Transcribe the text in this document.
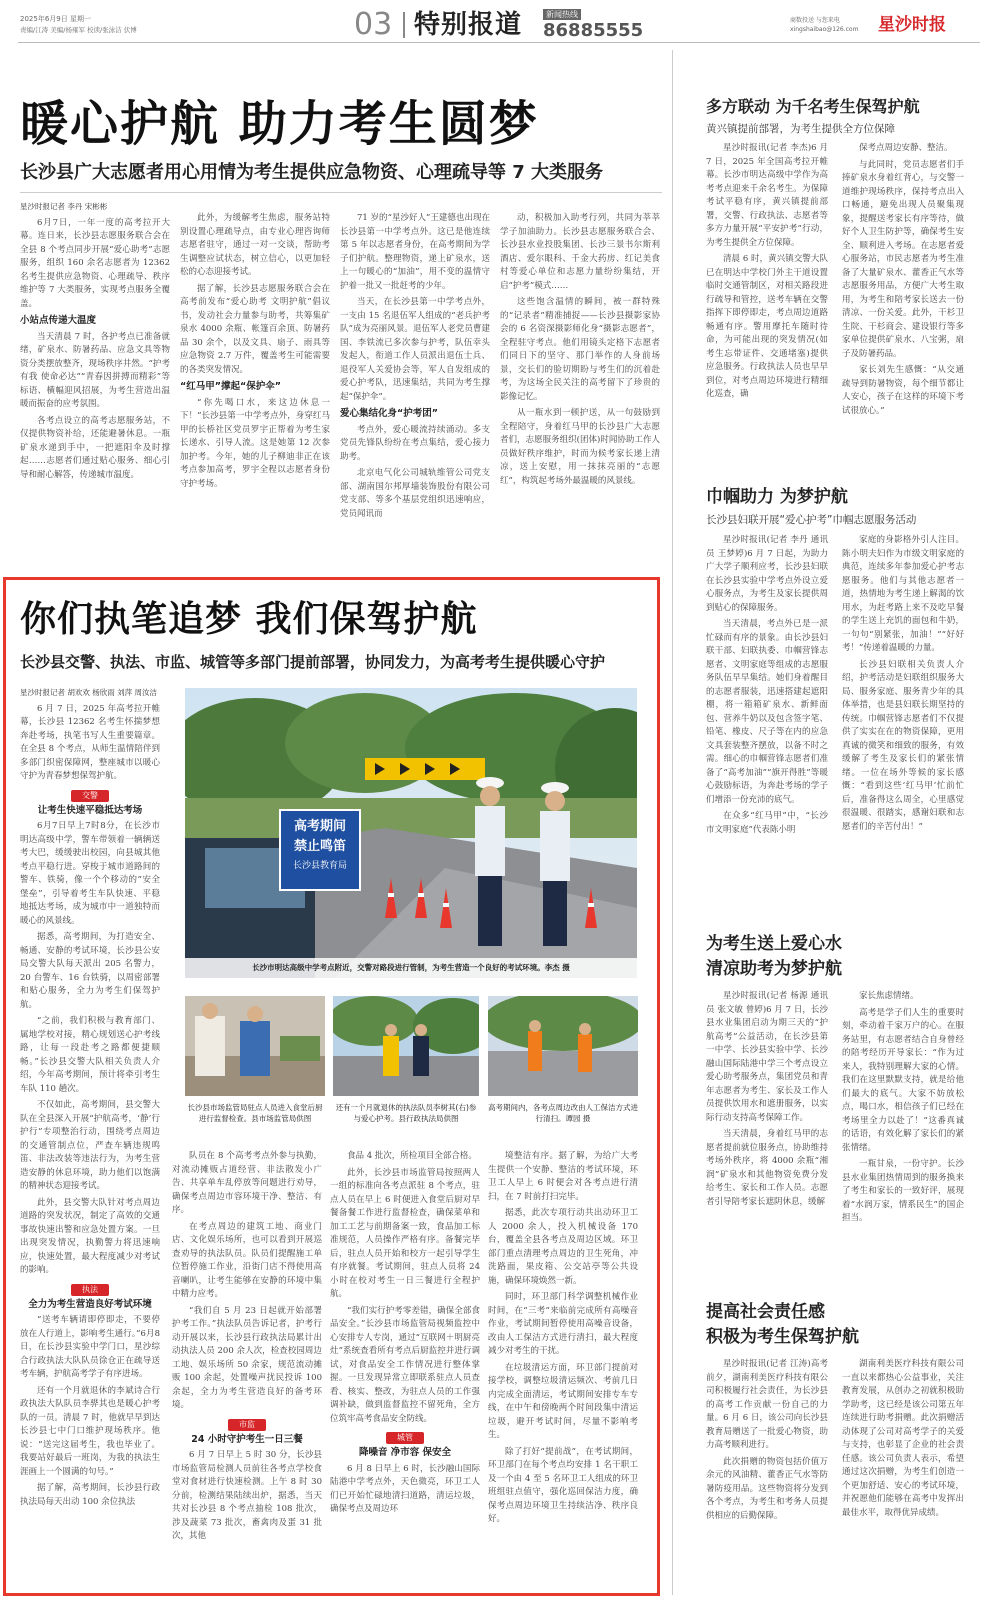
2025年6月9日 星期一
责编/江涛 美编/杨雍军 校读/张泳洁 伏博	03 特别报道	新闻热线
86885555	商数投送 与您来电 xingshaibao@126.com	星沙时报
暖心护航 助力考生圆梦
长沙县广大志愿者用心用情为考生提供应急物资、心理疏导等 7 大类服务
星沙时报记者 李丹 宋彬彬

6月7日，一年一度的高考拉开大幕。连日来，长沙县志愿服务联合会在全县 8 个考点同步开展“爱心助考”志愿服务，组织 160 余名志愿者为 12362 名考生提供应急物资、心理疏导、秩序维护等 7 大类服务，实现考点服务全覆盖。

小站点传递大温度

当天清晨 7 时，各护考点已准备就绪，矿泉水、防暑药品、应急文具等物资分类摆放整齐，现场秩序井然。“护考有我 使命必达”“青春因拼搏而精彩”等标语、横幅迎风招展，为考生营造出温暖而振奋的应考氛围。

各考点设立的高考志愿服务站，不仅提供物资补给，还能避暑休息。一瓶矿泉水递到手中，一把遮阳伞及时撑起……志愿者们通过贴心服务、细心引导和耐心解答，传递城市温度。

此外，为缓解考生焦虑，服务站特别设置心理疏导点，由专业心理咨询师志愿者驻守，通过一对一交谈，帮助考生调整应试状态，树立信心，以更加轻松的心态迎接考试。

据了解，长沙县志愿服务联合会在高考前发布“爱心助考 文明护航”倡议书，发动社会力量参与助考，共筹集矿泉水 4000 余瓶、帐篷百余顶、防暑药品 30 余个，以及文具、扇子、雨具等应急物资 2.7 万件，覆盖考生可能需要的各类突发情况。

“红马甲”撑起“保护伞”

“你先喝口水，来这边休息一下！”长沙县第一中学考点外，身穿红马甲的长桥社区党员罗宇正帮着为考生家长递水、引导人流。这是她第 12 次参加护考。今年，她的儿子柳迪非正在该考点参加高考，罗宇全程以志愿者身份守护考场。

71 岁的“星沙好人”王建德也出现在长沙县第一中学考点外。这已是他连续第 5 年以志愿者身份，在高考期间为学子们护航。整理物资，递上矿泉水，送上一句暖心的“加油”，用不变的温情守护着一批又一批赶考的少年。

当天，在长沙县第一中学考点外，一支由 15 名退伍军人组成的“老兵护考队”成为亮丽风景。退伍军人老党员曹建国、李铁流已多次参与护考，队伍幸头发起人，衔道工作人员派出退伍士兵、退役军人关爱协会等，军人自发组成的爱心护考队，迅速集结，共同为考生撑起“保护伞”。

爱心集结化身“护考团”

考点外，爱心暖流持续涌动。多支党员先锋队纷纷在考点集结，爱心接力助考。

北京电气化公司城轨维管公司党支部、湖南国尔邦厚墙装饰股份有限公司党支部、等多个基层党组织迅速响应，党员闻讯而

动，积极加入助考行列，共同为莘莘学子加油助力。长沙县志愿服务联合会、长沙县水业投股集团、长沙三景书尔斯利酒店、爱尔眼科、千金大药房、红记美食村等爱心单位和志愿力量纷纷集结，开启“护考”模式……

这些饱含温情的瞬间，被一群特殊的“记录者”精准捕捉——长沙县摄影家协会的 6 名资深摄影师化身“摄影志愿者”，全程驻守考点。他们用镜头定格下志愿者们同日下的坚守、那门举作的人身前场景，交长们的脸切期盼与考生们的沉着赴考，为这场全民关注的高考留下了珍贵的影像记忆。

从一瓶水到一顿护送，从一句鼓励到全程陪守，身着红马甲的长沙县广大志愿者们，志愿服务组织(团体)时闻协助工作人员做好秩序维护，时而为候考家长递上清凉，送上安慰，用一抹抹亮丽的“志愿红”，构筑起考场外最温暖的风景线。

你们执笔追梦 我们保驾护航
长沙县交警、执法、市监、城管等多部门提前部署，协同发力，为高考考生提供暖心守护
星沙时报记者 胡欢欢 杨欣雨 刘萍 周汝洁

6 月 7 日，2025 年高考拉开帷幕，长沙县 12362 名考生怀揣梦想奔赴考场，执笔书写人生重要篇章。在全县 8 个考点，从师生温情陪伴到多部门织密保障网，整座城市以暖心守护为青春梦想保驾护航。

交警

让考生快速平稳抵达考场

6月7日早上7时8分，在长沙市明达高级中学，警车带领着一辆辆送考大巴，缓缓驶出校园，向县城其他考点平稳行进。穿梭于城市道路间的警车、铁骑，像一个个移动的“安全堡垒”，引导着考生车队快速、平稳地抵达考场，成为城市中一道独特而暖心的风景线。

据悉，高考期间，为打造安全、畅通、安静的考试环境，长沙县公安局交警大队每天派出 205 名警力，20 台警车、16 台铁骑，以周密部署和贴心服务，全力为考生们保驾护航。

“之前，我们积极与教育部门、属地学校对接，精心规划送心护考线路，让每一段赴考之路都便捷顺畅。”长沙县交警大队相关负责人介绍，今年高考期间，预计将牵引考生车队 110 趟次。

不仅如此，高考期间，县交警大队在全县深入开展“护航高考，‘静’行护行”专项整治行动，围绕考点周边的交通管制点位，严查车辆违规鸣笛、非法改装等违法行为，为考生营造安静的休息环境，助力他们以饱满的精神状态迎接考试。

此外，县交警大队针对考点周边道路的突发状况，制定了高效的交通事故快速出警和应急处置方案。一旦出现突发情况，执勤警力将迅速响应，快速处置，最大程度减少对考试的影响。

执法

全力为考生营造良好考试环境

“送考车辆请即停即走，不要停放在人行道上，影响考生通行。”6月8日，在长沙县实验中学门口，星沙综合行政执法大队队员徐仓正在疏导送考车辆，护航高考学子有序进场。

还有一个月就退休的李斌诗合行政执法大队队员李骅其也是暖心护考队的一员。清晨 7 时，他就早早到达长沙县七中门口维护现场秩序。他说：“送完这届考生，我也毕业了。我要站好最后一班岗，为我的执法生涯画上一个圆满的句号。”

据了解，高考期间，长沙县行政执法局每天出动 100 余位执法

高考期间
禁止鸣笛
长沙县教育局
长沙市明达高级中学考点附近，交警对路段进行管制，为考生营造一个良好的考试环境。李杰 摄
长沙县市场监管局驻点人员进入食堂后厨进行监督检查。县市场监管局供图
还有一个月就退休的执法队员李树其(右)参与爱心护考。县行政执法局供图
高考期间内，各考点周边改由人工保洁方式进行清扫。谭园 摄

队员在 8 个高考考点外参与执勤，对流动摊贩占道经营、非法散发小广告、共享单车乱停放等问题进行劝导，确保考点周边市容环境干净、整洁、有序。

在考点周边的建筑工地、商业门店、文化娱乐场所，也可以看到开展巡查劝导的执法队员。队员们提醒施工单位暂停施工作业，沿街门店不得使用高音喇叭，让考生能够在安静的环境中集中精力应考。

“我们自 5 月 23 日起就开始部署护考工作。”执法队员告诉记者，护考行动开展以来，长沙县行政执法局累计出动执法人员 200 余人次，检查校园周边工地、娱乐场所 50 余家，规范流动摊贩 100 余起，处置噪声扰民投诉 100 余起，全力为考生营造良好的备考环境。

市监

24 小时守护考生一日三餐

6 月 7 日早上 5 时 30 分，长沙县市场监管局检测人员前往各考点学校食堂对食材进行快速检测。上午 8 时 30 分前，检测结果陆续出炉，据悉，当天共对长沙县 8 个考点抽检 108 批次，涉及蔬菜 73 批次，畜禽肉及蛋 31 批次，其他

食品 4 批次，所检项目全部合格。

此外，长沙县市场监管局按照两人一组的标准向各考点派驻 8 个考点，驻点人员在早上 6 时便进入食堂后厨对早餐备餐工作进行监督检查，确保菜单和加工工艺与前期备案一致，食品加工标准规范，人员操作严格有序。备餐完毕后，驻点人员开始和校方一起引导学生有序就餐。考试期间，驻点人员将 24 小时在校对考生一日三餐进行全程护航。

“我们实行护考零差错，确保全部食品安全。”长沙县市场监管局视频监控中心安排专人专岗，通过“互联网＋明厨亮灶”系统查看所有考点后厨监控并进行调试，对食品安全工作情况进行整体掌握。一旦发现异常立即联系驻点人员查看、核实、整改，为驻点人员的工作强调补缺，做到监督监控不留死角，全方位筑牢高考食品安全防线。

城管

降噪音 净市容 保安全

6 月 8 日早上 6 时，长沙融山国际陆港中学考点外，天色微亮，环卫工人们已开始忙碌地清扫道路，清运垃圾，确保考点及周边环

境整洁有序。据了解，为给广大考生提供一个安静、整洁的考试环境，环卫工人早上 6 时便会对各考点进行清扫，在 7 时前打扫完毕。

据悉，此次专项行动共出动环卫工人 2000 余人，投入机械设备 170 台，覆盖全县各考点及周边区域。环卫部门重点清理考点周边的卫生死角，冲洗路面，果皮箱、公交站亭等公共设施，确保环境焕然一新。

同时，环卫部门科学调整机械作业时间，在“三考”来临前完成所有高噪音作业，考试期间暂停使用高噪音设备，改由人工保洁方式进行清扫，最大程度减少对考生的干扰。

在垃圾清运方面，环卫部门提前对接学校，调整垃圾清运频次、考前几日内完成全面清运，考试期间安排专车专线，在中午和傍晚两个时间段集中清运垃圾，避开考试时间，尽量不影响考生。

除了打好“提前战”，在考试期间，环卫部门在每个考点均安排 1 名干职工及一个由 4 至 5 名环卫工人组成的环卫班组驻点值守，强化巡回保洁力度，确保考点周边环境卫生持续洁净、秩序良好。

多方联动 为千名考生保驾护航
黄兴镇提前部署，为考生提供全方位保障

星沙时报讯(记者 李杰)6 月 7 日，2025 年全国高考拉开帷幕。长沙市明达高级中学作为高考考点迎来千余名考生。为保障考试平稳有序，黄兴镇提前部署，交警、行政执法、志愿者等多方力量开展“平安护考”行动，为考生提供全方位保障。

清晨 6 时，黄兴镇交警大队已在明达中学校门外主干道设置临时交通管制区，对相关路段进行疏导和管控，送考车辆在交警指挥下即停即走，考点周边道路畅通有序。警用摩托车随时待命，为可能出现的突发情况(如考生忘带证件、交通堵塞)提供应急服务。行政执法人员也早早到位，对考点周边环境进行精细化巡查，确

保考点周边安静、整洁。

与此同时，党员志愿者们手捧矿泉水身着红背心，与交警一道维护现场秩序，保持考点出入口畅通，避免出现人员聚集现象，提醒送考家长有序等待，做好个人卫生防护等，确保考生安全、顺利进入考场。在志愿者爱心服务站，市民志愿者为考生准备了大量矿泉水、藿香正气水等志愿服务用品，方便广大考生取用，为考生和陪考家长送去一份清凉、一份关爱。此外，干杉卫生院、干杉商会、建设银行等多家单位提供矿泉水、八宝粥，扇子及防暑药品。

家长刘先生感慨：“从交通疏导到防暑物资，每个细节都让人安心，孩子在这样的环境下考试很放心。”

巾帼助力 为梦护航
长沙县妇联开展“爱心护考”巾帼志愿服务活动

星沙时报讯(记者 李丹 通讯员 王梦婷)6 月 7 日起，为助力广大学子顺利应考，长沙县妇联在长沙县实验中学考点外设立爱心服务点，为考生及家长提供周到贴心的保障服务。

当天清晨，考点外已是一派忙碌而有序的景象。由长沙县妇联干部、妇联执委、巾帼营锋志愿者、文明家庭等组成的志愿服务队伍早早集结。她们身着醒目的志愿者服装，迅速搭建起遮阳棚，将一箱箱矿泉水、新鲜面包、营养牛奶以及包含签字笔、铅笔、橡皮、尺子等在内的应急文具套装整齐摆放，以备不时之需。细心的巾帼营锋志愿者们准备了“高考加油”“旗开得胜”等暖心鼓励标语，为奔赴考场的学子们增添一份充沛的底气。

在众多“红马甲”中，“长沙市文明家庭”代表陈小明

家庭的身影格外引人注目。陈小明夫妇作为市级文明家庭的典范，连续多年参加爱心护考志愿服务。他们与其他志愿者一道，热情地为考生递上解渴的饮用水，为赶考路上来不及吃早餐的学生送上充饥的面包和牛奶，一句句“别紧张，加油！”“好好考！”传递着温暖的力量。

长沙县妇联相关负责人介绍，护考活动是妇联组织服务大局、服务家庭、服务青少年的具体举措，也是县妇联长期坚持的传统。巾帼营锋志愿者们不仅提供了实实在在的物资保障，更用真诚的微笑和细致的服务，有效缓解了考生及家长们的紧张情绪。一位在场外等候的家长感慨：“看到这些‘红马甲’忙前忙后，准备得这么周全，心里感觉很温暖、很踏实，感谢妇联和志愿者们的辛苦付出！”

为考生送上爱心水
清凉助考为梦护航

星沙时报讯(记者 杨源 通讯员 张文敏 曾婷)6 月 7 日，长沙县水业集团启动为期三天的“护航高考”公益活动，在长沙县第一中学、长沙县实验中学、长沙融山国际陆港中学三个考点设立爱心助考服务点，集团党员和青年志愿者为考生、家长及工作人员提供饮用水和遮册服务，以实际行动支持高考保障工作。

当天清晨，身着红马甲的志愿者提前就位服务点，协助维持考场外秩序，将 4000 余瓶“湘润”矿泉水和其他物资免费分发给考生、家长和工作人员。志愿者引导陪考家长遮阴休息，缓解

家长焦虑情绪。

高考是学子们人生的重要时刻，牵动着千家万户的心。在服务站里，有志愿者结合自身曾经的陪考经历开导家长：“作为过来人，我特别理解大家的心情。我们在这里默默支持，就是给他们最大的底气。大家不妨放松点，喝口水，相信孩子们已经在考场里全力以赴了！”这番真诚的话语，有效化解了家长们的紧张情绪。

一瓶甘泉，一份守护。长沙县水业集团热情周到的服务换来了考生和家长的一致好评，展现着“水润万家，情系民生”的国企担当。

提高社会责任感
积极为考生保驾护航

星沙时报讯(记者 江涛)高考前夕，湖南利美医疗科技有限公司积极履行社会责任，为长沙县的高考工作贡献一份自己的力量。6 月 6 日，该公司向长沙县教育局赠送了一批爱心物资，助力高考顺利进行。

此次捐赠的物资包括价值万余元的风油精、藿香正气水等防暑防疫用品。这些物资将分发到各个考点，为考生和考务人员提供相应的后勤保障。

湖南利美医疗科技有限公司一直以来都热心公益事业，关注教育发展，从创办之初就积极助学助考，这已经是该公司第五年连续进行助考捐赠。此次捐赠活动体现了公司对高考学子的关爱与支持，也彰显了企业的社会责任感。该公司负责人表示，希望通过这次捐赠，为考生们创造一个更加舒适、安心的考试环境，并祝愿他们能够在高考中发挥出最佳水平，取得优异成绩。
